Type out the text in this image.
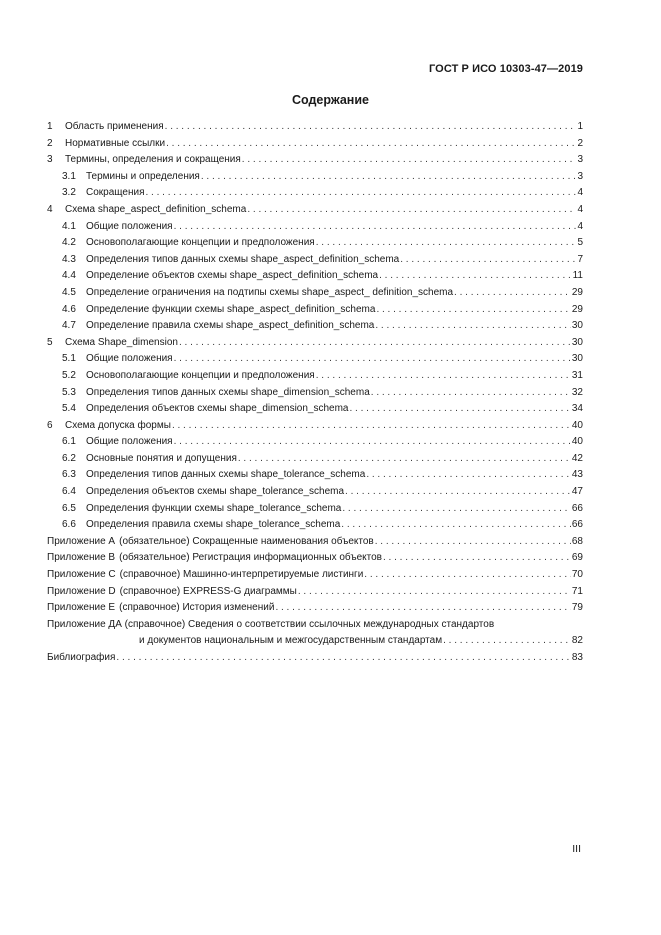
ГОСТ Р ИСО 10303-47—2019
Содержание
1	Область применения . . .	1
2	Нормативные ссылки . . .	2
3	Термины, определения и сокращения . . .	3
3.1	Термины и определения . . .	3
3.2	Сокращения . . .	4
4	Схема shape_aspect_definition_schema . . .	4
4.1	Общие положения . . .	4
4.2	Основополагающие концепции и предположения . . .	5
4.3	Определения типов данных схемы shape_aspect_definition_schema . . .	7
4.4	Определение объектов схемы shape_aspect_definition_schema . . .	11
4.5	Определение ограничения на подтипы схемы shape_aspect_ definition_schema . . .	29
4.6	Определение функции схемы shape_aspect_definition_schema . . .	29
4.7	Определение правила схемы shape_aspect_definition_schema . . .	30
5	Схема Shape_dimension . . .	30
5.1	Общие положения . . .	30
5.2	Основополагающие концепции и предположения . . .	31
5.3	Определения типов данных схемы shape_dimension_schema . . .	32
5.4	Определения объектов схемы shape_dimension_schema . . .	34
6	Схема допуска формы . . .	40
6.1	Общие положения . . .	40
6.2	Основные понятия и допущения . . .	42
6.3	Определения типов данных схемы shape_tolerance_schema . . .	43
6.4	Определения объектов схемы shape_tolerance_schema . . .	47
6.5	Определения функции схемы shape_tolerance_schema . . .	66
6.6	Определения правила схемы shape_tolerance_schema . . .	66
Приложение А (обязательное) Сокращенные наименования объектов . . .	68
Приложение В (обязательное) Регистрация информационных объектов . . .	69
Приложение С (справочное) Машинно-интерпретируемые листинги . . .	70
Приложение D (справочное) EXPRESS-G диаграммы . . .	71
Приложение Е (справочное) История изменений . . .	79
Приложение ДА (справочное) Сведения о соответствии ссылочных международных стандартов
и документов национальным и межгосударственным стандартам . . .	82
Библиография . . .	83
III
